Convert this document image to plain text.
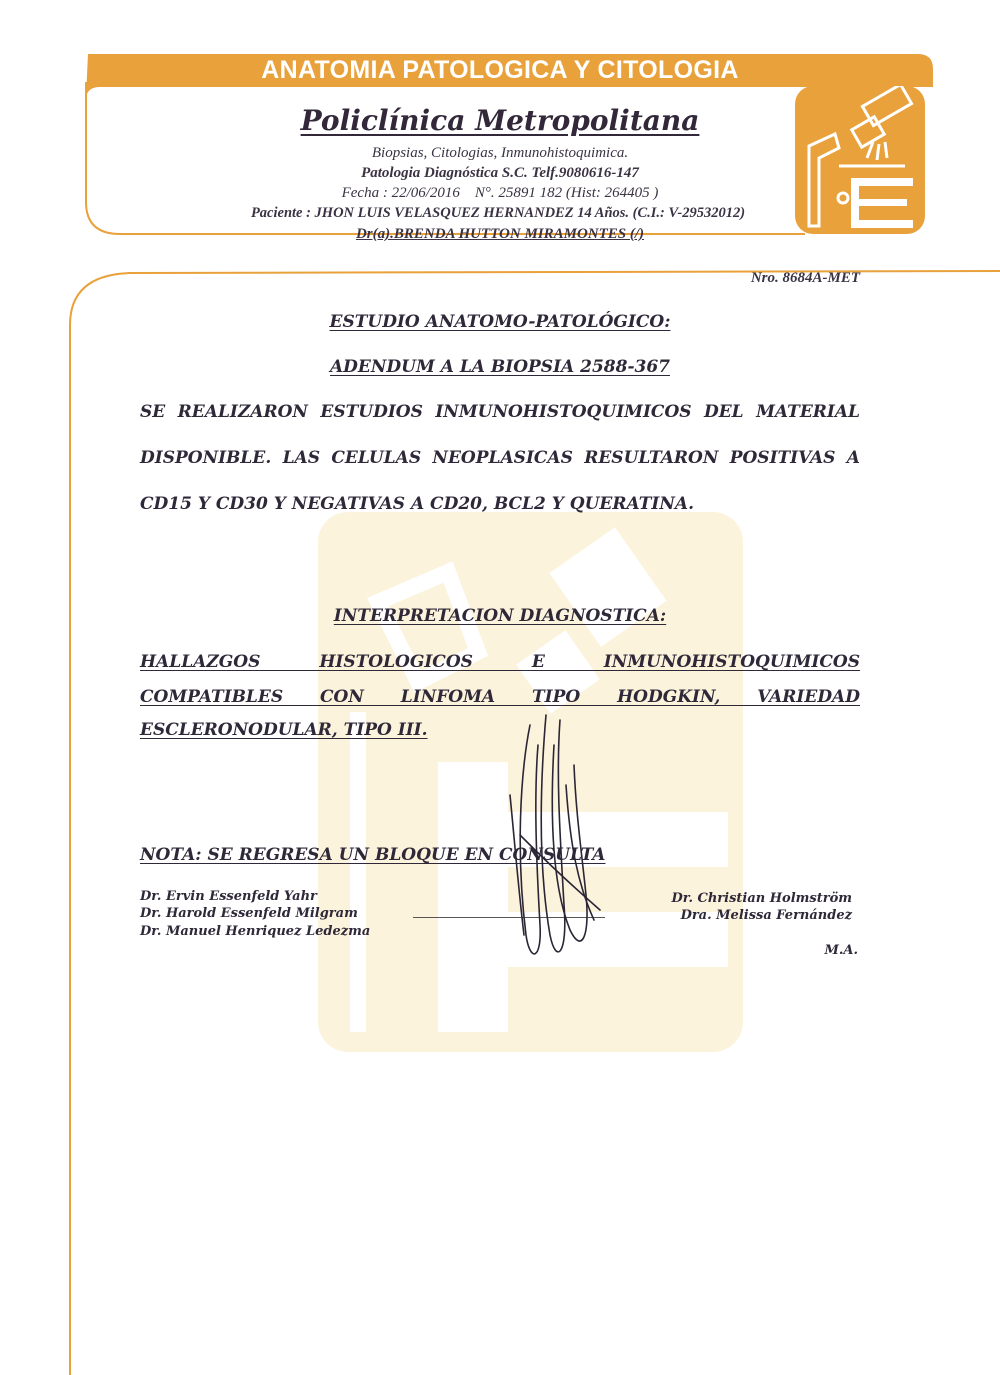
ANATOMIA PATOLOGICA Y CITOLOGIA
Policlínica Metropolitana
Biopsias, Citologias, Inmunohistoquimica.
Patologia Diagnóstica S.C. Telf.9080616-147
Fecha : 22/06/2016 N°. 25891 182 (Hist: 264405 )
Paciente : JHON LUIS VELASQUEZ HERNANDEZ 14 Años. (C.I.: V-29532012)
Dr(a).BRENDA HUTTON MIRAMONTES (/)
Nro. 8684A-MET
ESTUDIO ANATOMO-PATOLÓGICO:
ADENDUM A LA BIOPSIA 2588-367
SE REALIZARON ESTUDIOS INMUNOHISTOQUIMICOS DEL MATERIAL
DISPONIBLE. LAS CELULAS NEOPLASICAS RESULTARON POSITIVAS A
CD15 Y CD30 Y NEGATIVAS A CD20, BCL2 Y QUERATINA.
INTERPRETACION DIAGNOSTICA:
HALLAZGOS HISTOLOGICOS E INMUNOHISTOQUIMICOS
COMPATIBLES CON LINFOMA TIPO HODGKIN, VARIEDAD
ESCLERONODULAR, TIPO III.
NOTA: SE REGRESA UN BLOQUE EN CONSULTA
Dr. Ervin Essenfeld Yahr
Dr. Harold Essenfeld Milgram
Dr. Manuel Henriquez Ledezma
Dr. Christian Holmström
Dra. Melissa Fernández
M.A.
